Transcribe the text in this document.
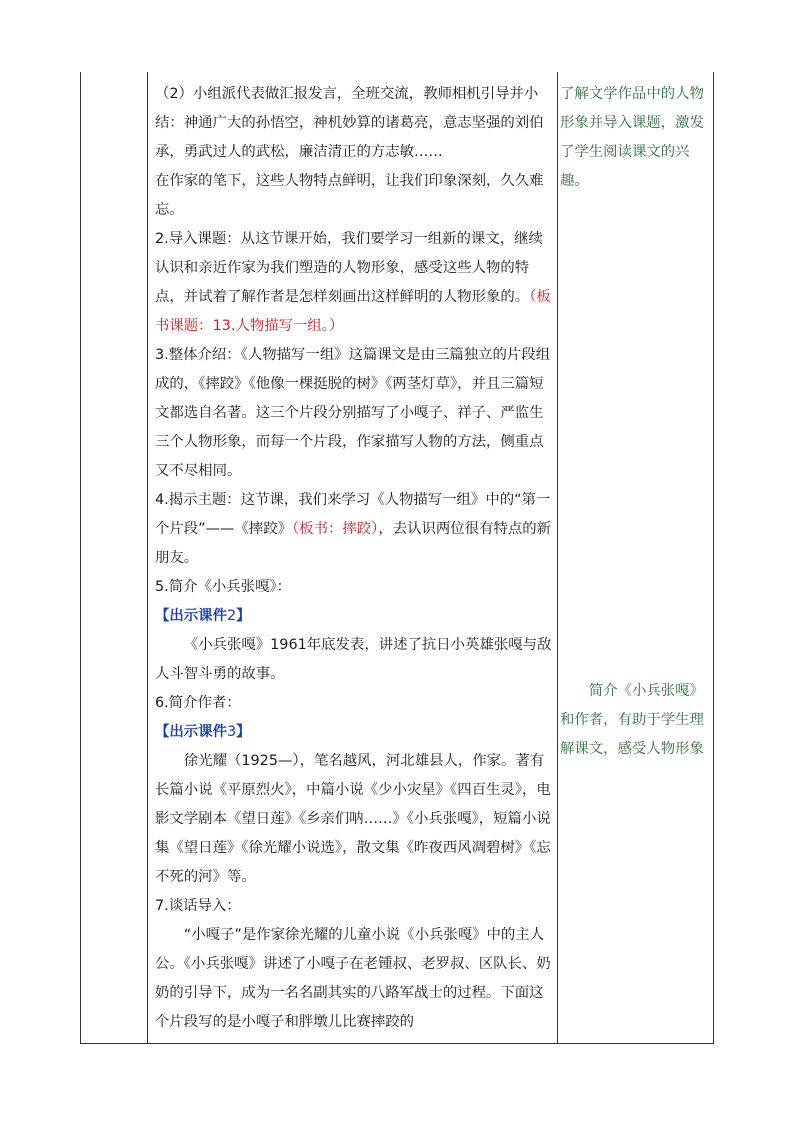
（2）小组派代表做汇报发言，全班交流，教师相机引导并小结：神通广大的孙悟空，神机妙算的诸葛亮，意志坚强的刘伯承，勇武过人的武松，廉洁清正的方志敏……

在作家的笔下，这些人物特点鲜明，让我们印象深刻，久久难忘。

2.导入课题：从这节课开始，我们要学习一组新的课文，继续认识和亲近作家为我们塑造的人物形象，感受这些人物的特点，并试着了解作者是怎样刻画出这样鲜明的人物形象的。（板书课题：13.人物描写一组。）

3.整体介绍：《人物描写一组》这篇课文是由三篇独立的片段组成的，《摔跤》《他像一棵挺脱的树》《两茎灯草》，并且三篇短文都选自名著。这三个片段分别描写了小嘎子、祥子、严监生三个人物形象，而每一个片段，作家描写人物的方法，侧重点又不尽相同。

4.揭示主题：这节课，我们来学习《人物描写一组》中的“第一个片段”——《摔跤》（板书：摔跤），去认识两位很有特点的新朋友。

5.简介《小兵张嘎》：

【出示课件2】

《小兵张嘎》1961年底发表，讲述了抗日小英雄张嘎与敌人斗智斗勇的故事。

6.简介作者：

【出示课件3】

徐光耀（1925—），笔名越风，河北雄县人，作家。著有长篇小说《平原烈火》，中篇小说《少小灾星》《四百生灵》，电影文学剧本《望日莲》《乡亲们呐……》《小兵张嘎》，短篇小说集《望日莲》《徐光耀小说选》，散文集《昨夜西风凋碧树》《忘不死的河》等。

7.谈话导入：

“小嘎子”是作家徐光耀的儿童小说《小兵张嘎》中的主人公。《小兵张嘎》讲述了小嘎子在老锺叔、老罗叔、区队长、奶奶的引导下，成为一名名副其实的八路军战士的过程。下面这个片段写的是小嘎子和胖墩儿比赛摔跤的

了解文学作品中的人物形象并导入课题，激发了学生阅读课文的兴趣。

简介《小兵张嘎》和作者，有助于学生理解课文，感受人物形象
